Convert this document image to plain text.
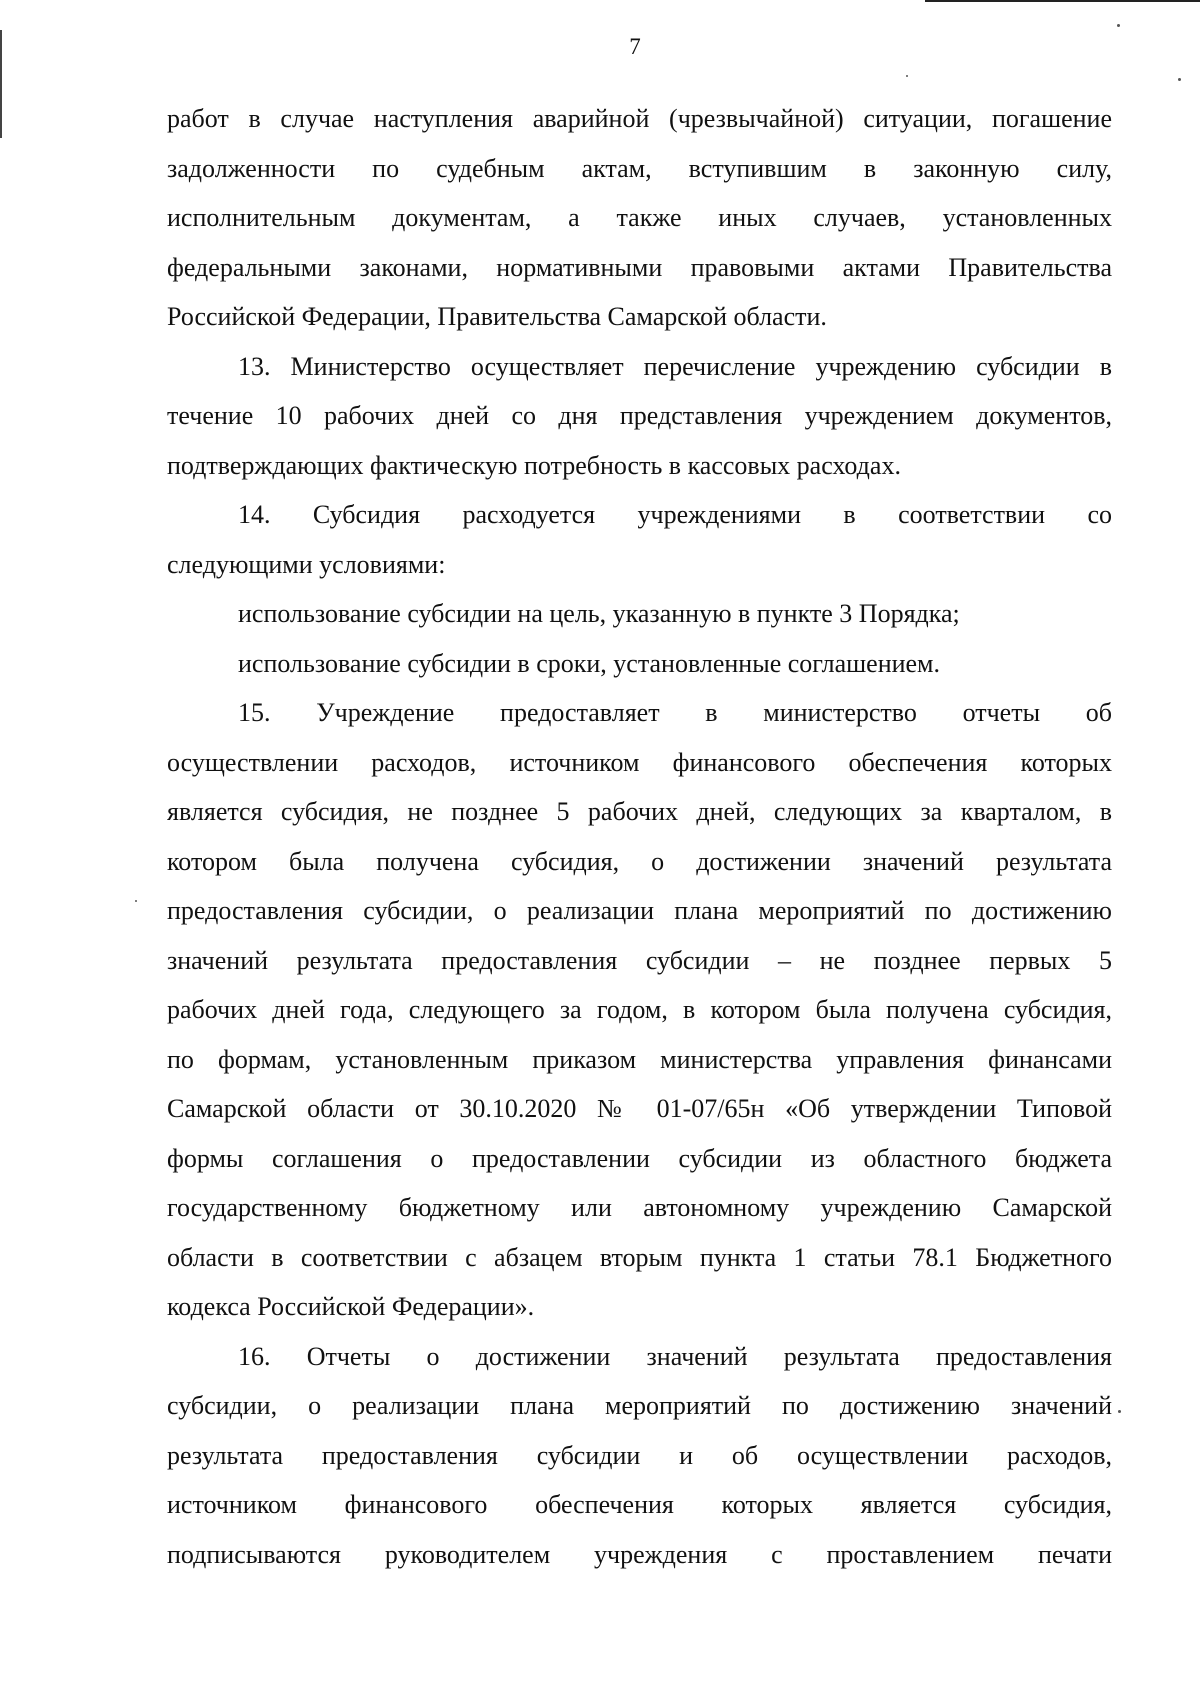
7
работ в случае наступления аварийной (чрезвычайной) ситуации, погашение
задолженности по судебным актам, вступившим в законную силу,
исполнительным документам, а также иных случаев, установленных
федеральными законами, нормативными правовыми актами Правительства
Российской Федерации, Правительства Самарской области.
13. Министерство осуществляет перечисление учреждению субсидии в
течение 10 рабочих дней со дня представления учреждением документов,
подтверждающих фактическую потребность в кассовых расходах.
14. Субсидия расходуется учреждениями в соответствии со
следующими условиями:
использование субсидии на цель, указанную в пункте 3 Порядка;
использование субсидии в сроки, установленные соглашением.
15. Учреждение предоставляет в министерство отчеты об
осуществлении расходов, источником финансового обеспечения которых
является субсидия, не позднее 5 рабочих дней, следующих за кварталом, в
котором была получена субсидия, о достижении значений результата
предоставления субсидии, о реализации плана мероприятий по достижению
значений результата предоставления субсидии – не позднее первых 5
рабочих дней года, следующего за годом, в котором была получена субсидия,
по формам, установленным приказом министерства управления финансами
Самарской области от 30.10.2020 № 01-07/65н «Об утверждении Типовой
формы соглашения о предоставлении субсидии из областного бюджета
государственному бюджетному или автономному учреждению Самарской
области в соответствии с абзацем вторым пункта 1 статьи 78.1 Бюджетного
кодекса Российской Федерации».
16. Отчеты о достижении значений результата предоставления
субсидии, о реализации плана мероприятий по достижению значений
результата предоставления субсидии и об осуществлении расходов,
источником финансового обеспечения которых является субсидия,
подписываются руководителем учреждения с проставлением печати
